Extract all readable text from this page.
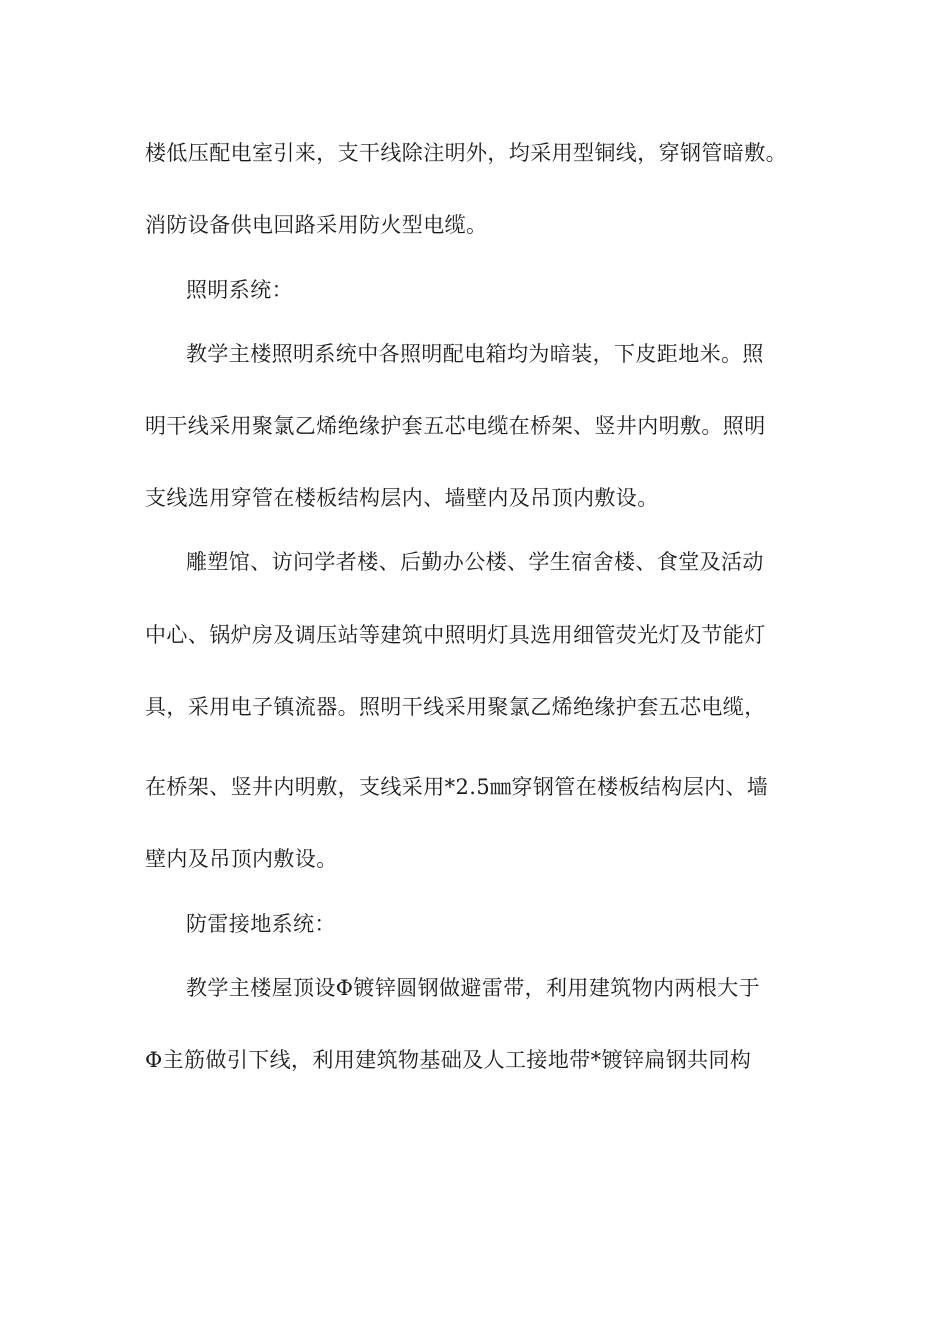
楼低压配电室引来，支干线除注明外，均采用型铜线，穿钢管暗敷。
消防设备供电回路采用防火型电缆。
照明系统：
教学主楼照明系统中各照明配电箱均为暗装，下皮距地米。照
明干线采用聚氯乙烯绝缘护套五芯电缆在桥架、竖井内明敷。照明
支线选用穿管在楼板结构层内、墙壁内及吊顶内敷设。
雕塑馆、访问学者楼、后勤办公楼、学生宿舍楼、食堂及活动
中心、锅炉房及调压站等建筑中照明灯具选用细管荧光灯及节能灯
具，采用电子镇流器。照明干线采用聚氯乙烯绝缘护套五芯电缆，
在桥架、竖井内明敷，支线采用*2.5㎜穿钢管在楼板结构层内、墙
壁内及吊顶内敷设。
防雷接地系统：
教学主楼屋顶设Φ镀锌圆钢做避雷带，利用建筑物内两根大于
Φ主筋做引下线，利用建筑物基础及人工接地带*镀锌扁钢共同构
